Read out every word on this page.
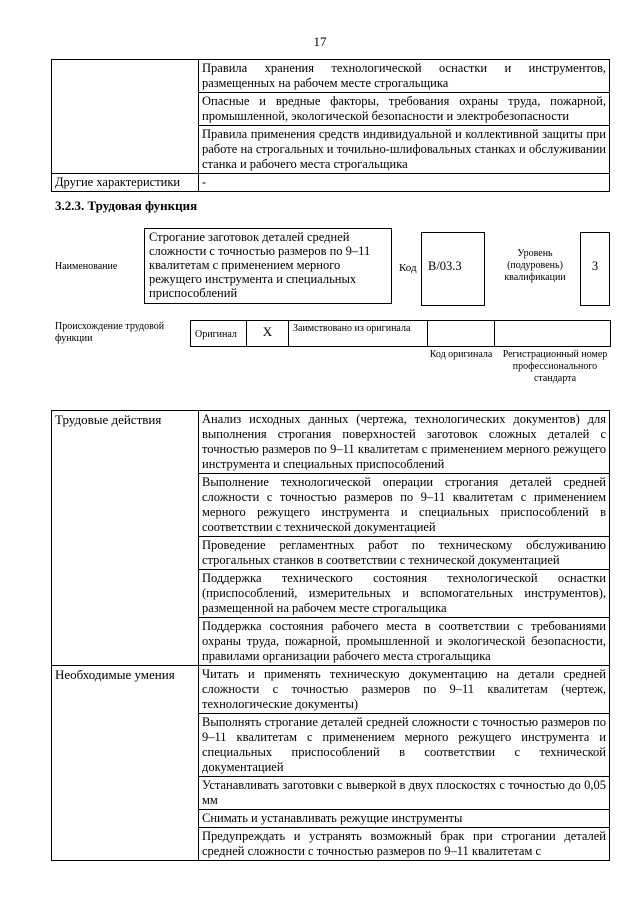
17
	Правила хранения технологической оснастки и инструментов, размещенных на рабочем месте строгальщика
	Опасные и вредные факторы, требования охраны труда, пожарной, промышленной, экологической безопасности и электробезопасности
	Правила применения средств индивидуальной и коллективной защиты при работе на строгальных и точильно-шлифовальных станках и обслуживании станка и рабочего места строгальщика
Другие характеристики	-
3.2.3. Трудовая функция
Наименование
Строгание заготовок деталей средней сложности с точностью размеров по 9–11 квалитетам с применением мерного режущего инструмента и специальных приспособлений
Код В/03.3
Уровень (подуровень) квалификации
3
Происхождение трудовой функции	Оригинал	X	Заимствовано из оригинала
Код оригинала Регистрационный номер профессионального стандарта
Трудовые действия	Анализ исходных данных (чертежа, технологических документов) для выполнения строгания поверхностей заготовок сложных деталей с точностью размеров по 9–11 квалитетам с применением мерного режущего инструмента и специальных приспособлений
	Выполнение технологической операции строгания деталей средней сложности с точностью размеров по 9–11 квалитетам с применением мерного режущего инструмента и специальных приспособлений в соответствии с технической документацией
	Проведение регламентных работ по техническому обслуживанию строгальных станков в соответствии с технической документацией
	Поддержка технического состояния технологической оснастки (приспособлений, измерительных и вспомогательных инструментов), размещенной на рабочем месте строгальщика
	Поддержка состояния рабочего места в соответствии с требованиями охраны труда, пожарной, промышленной и экологической безопасности, правилами организации рабочего места строгальщика
Необходимые умения	Читать и применять техническую документацию на детали средней сложности с точностью размеров по 9–11 квалитетам (чертеж, технологические документы)
	Выполнять строгание деталей средней сложности с точностью размеров по 9–11 квалитетам с применением мерного режущего инструмента и специальных приспособлений в соответствии с технической документацией
	Устанавливать заготовки с выверкой в двух плоскостях с точностью до 0,05 мм
	Снимать и устанавливать режущие инструменты
	Предупреждать и устранять возможный брак при строгании деталей средней сложности с точностью размеров по 9–11 квалитетам с
